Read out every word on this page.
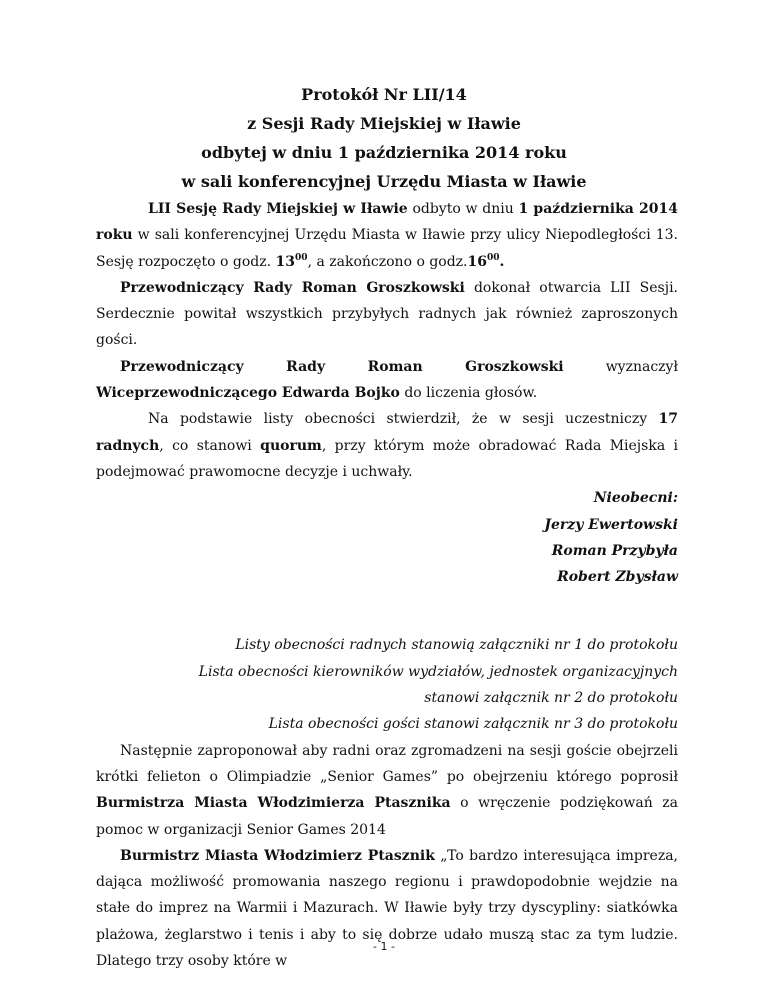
Protokół Nr LII/14
z Sesji Rady Miejskiej w Iławie
odbytej w dniu 1 października 2014 roku
w sali konferencyjnej Urzędu Miasta w Iławie

LII Sesję Rady Miejskiej w Iławie odbyto w dniu 1 października 2014 roku w sali konferencyjnej Urzędu Miasta w Iławie przy ulicy Niepodległości 13. Sesję rozpoczęto o godz. $13^{00}$, a zakończono o $godz.16^{00}$.

Przewodniczący Rady Roman Groszkowski dokonał otwarcia LII Sesji. Serdecznie powitał wszystkich przybyłych radnych jak również zaproszonych gości.

Przewodniczący Rady Roman Groszkowski wyznaczył Wiceprzewodniczącego Edwarda Bojko do liczenia głosów.

Na podstawie listy obecności stwierdził, że w sesji uczestniczy 17 radnych, co stanowi quorum, przy którym może obradować Rada Miejska i podejmować prawomocne decyzje i uchwały.

Nieobecni:

Jerzy Ewertowski

Roman Przybyła

Robert Zbysław

Listy obecności radnych stanowią załączniki nr 1 do protokołu

Lista obecności kierowników wydziałów, jednostek organizacyjnych

stanowi załącznik nr 2 do protokołu

Lista obecności gości stanowi załącznik nr 3 do protokołu

Następnie zaproponował aby radni oraz zgromadzeni na sesji goście obejrzeli krótki felieton o Olimpiadzie „Senior Games” po obejrzeniu którego poprosił Burmistrza Miasta Włodzimierza Ptasznika o wręczenie podziękowań za pomoc w organizacji Senior Games 2014

Burmistrz Miasta Włodzimierz Ptasznik „To bardzo interesująca impreza, dająca możliwość promowania naszego regionu i prawdopodobnie wejdzie na stałe do imprez na Warmii i Mazurach. W Iławie były trzy dyscypliny: siatkówka plażowa, żeglarstwo i tenis i aby to się dobrze udało muszą stac za tym ludzie. Dlatego trzy osoby które w

- 1 -
